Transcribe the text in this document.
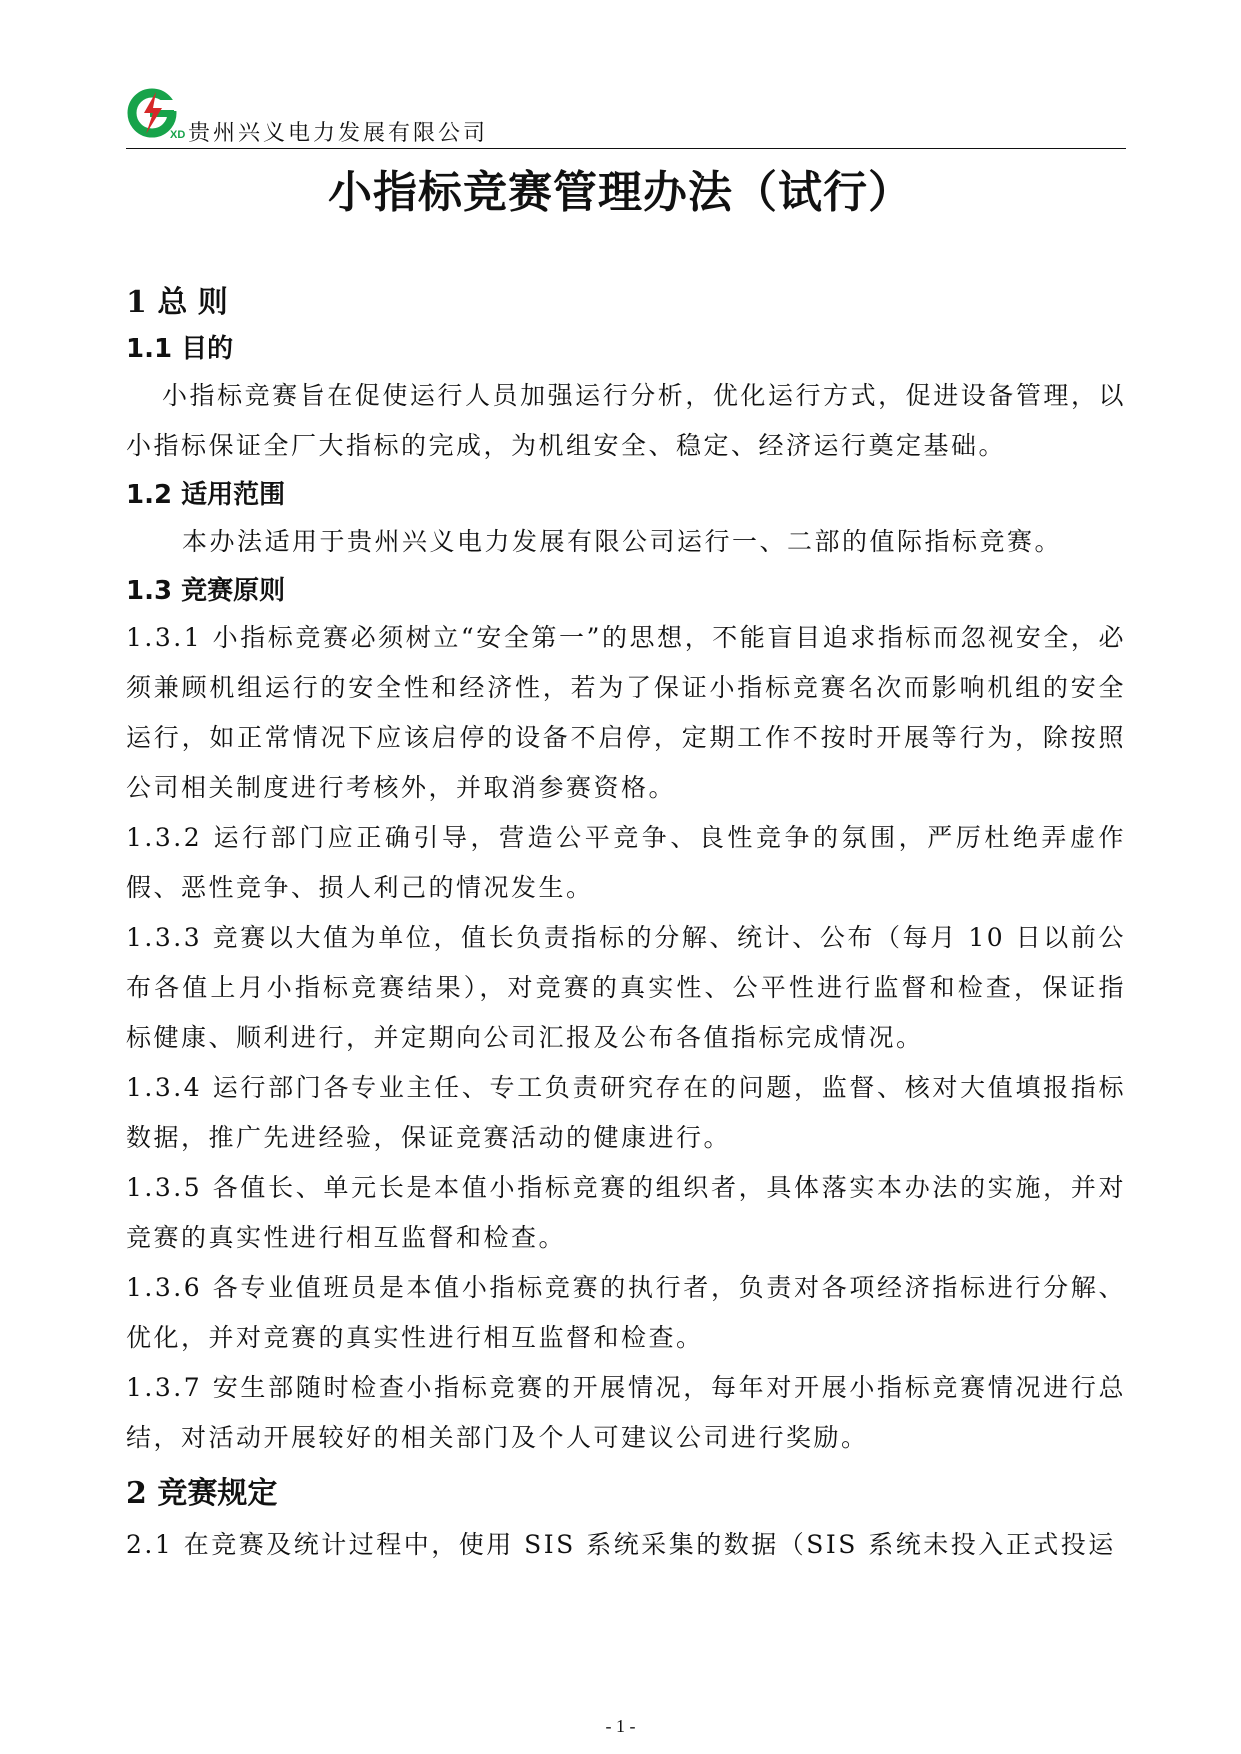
XD 贵州兴义电力发展有限公司
小指标竞赛管理办法（试行）
1 总 则
1.1 目的

小指标竞赛旨在促使运行人员加强运行分析，优化运行方式，促进设备管理，以小指标保证全厂大指标的完成，为机组安全、稳定、经济运行奠定基础。

1.2 适用范围

本办法适用于贵州兴义电力发展有限公司运行一、二部的值际指标竞赛。

1.3 竞赛原则

1.3.1 小指标竞赛必须树立“安全第一”的思想，不能盲目追求指标而忽视安全，必须兼顾机组运行的安全性和经济性，若为了保证小指标竞赛名次而影响机组的安全运行，如正常情况下应该启停的设备不启停，定期工作不按时开展等行为，除按照公司相关制度进行考核外，并取消参赛资格。

1.3.2 运行部门应正确引导，营造公平竞争、良性竞争的氛围，严厉杜绝弄虚作假、恶性竞争、损人利己的情况发生。

1.3.3 竞赛以大值为单位，值长负责指标的分解、统计、公布（每月 10 日以前公布各值上月小指标竞赛结果），对竞赛的真实性、公平性进行监督和检查，保证指标健康、顺利进行，并定期向公司汇报及公布各值指标完成情况。

1.3.4 运行部门各专业主任、专工负责研究存在的问题，监督、核对大值填报指标数据，推广先进经验，保证竞赛活动的健康进行。

1.3.5 各值长、单元长是本值小指标竞赛的组织者，具体落实本办法的实施，并对竞赛的真实性进行相互监督和检查。

1.3.6 各专业值班员是本值小指标竞赛的执行者，负责对各项经济指标进行分解、优化，并对竞赛的真实性进行相互监督和检查。

1.3.7 安生部随时检查小指标竞赛的开展情况，每年对开展小指标竞赛情况进行总结，对活动开展较好的相关部门及个人可建议公司进行奖励。

2 竞赛规定

2.1 在竞赛及统计过程中，使用 SIS 系统采集的数据（SIS 系统未投入正式投运

- 1 -
